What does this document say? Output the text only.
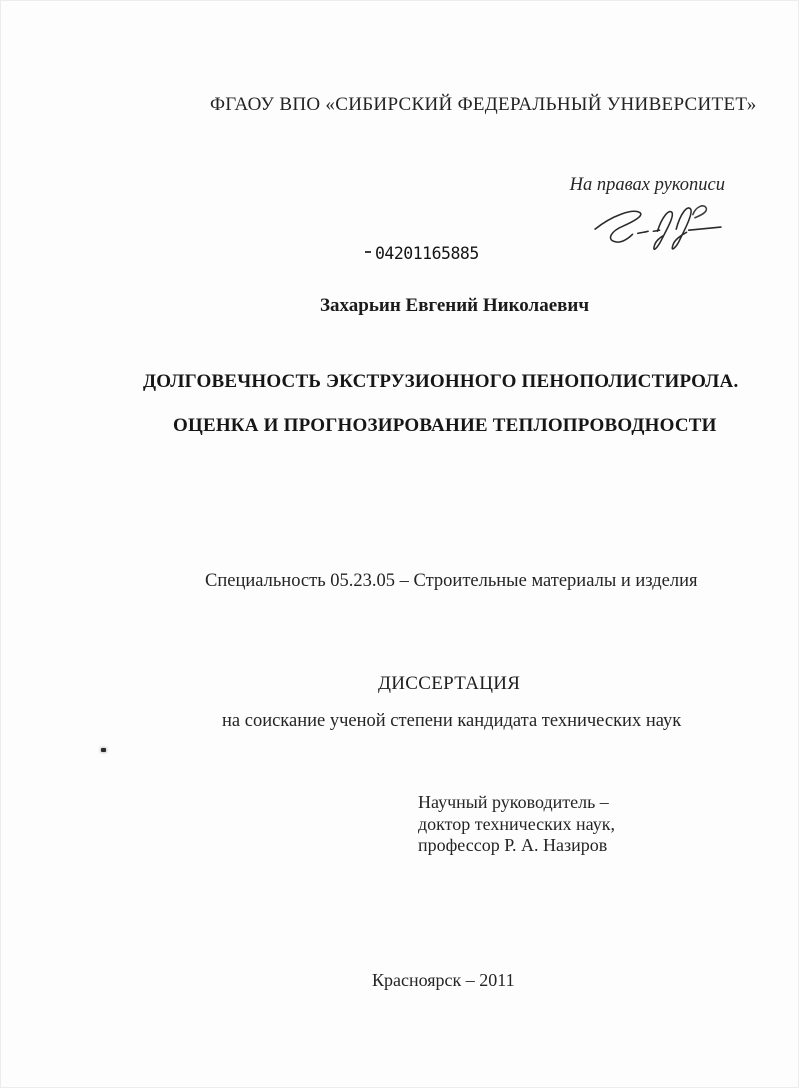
ФГАОУ ВПО «СИБИРСКИЙ ФЕДЕРАЛЬНЫЙ УНИВЕРСИТЕТ»
На правах рукописи
04201165885
Захарьин Евгений Николаевич
ДОЛГОВЕЧНОСТЬ ЭКСТРУЗИОННОГО ПЕНОПОЛИСТИРОЛА.
ОЦЕНКА И ПРОГНОЗИРОВАНИЕ ТЕПЛОПРОВОДНОСТИ
Специальность 05.23.05 – Строительные материалы и изделия
ДИССЕРТАЦИЯ
на соискание ученой степени кандидата технических наук
Научный руководитель –
доктор технических наук,
профессор Р. А. Назиров
Красноярск – 2011
